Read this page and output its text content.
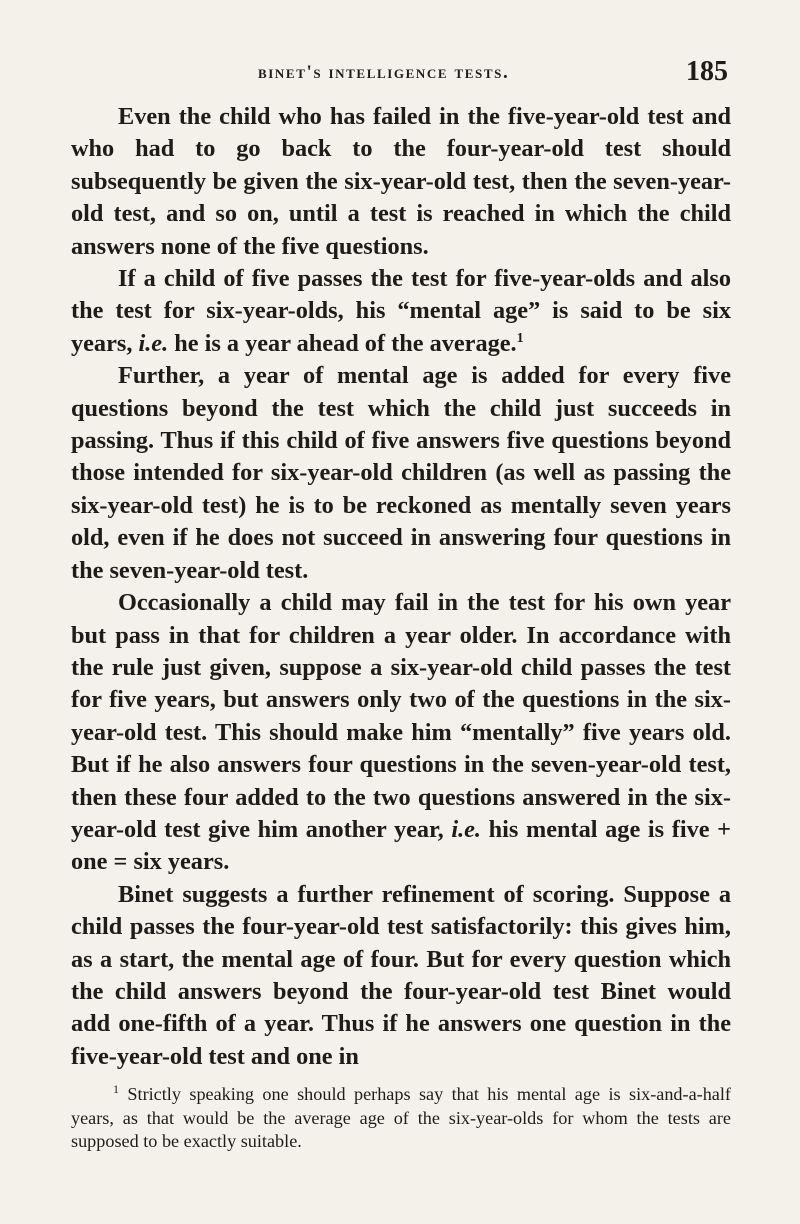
binet's intelligence tests.	185

Even the child who has failed in the five-year-old test and who had to go back to the four-year-old test should subsequently be given the six-year-old test, then the seven-year-old test, and so on, until a test is reached in which the child answers none of the five questions.

If a child of five passes the test for five-year-olds and also the test for six-year-olds, his “mental age” is said to be six years, i.e. he is a year ahead of the average.$^1$

Further, a year of mental age is added for every five questions beyond the test which the child just succeeds in passing. Thus if this child of five answers five questions beyond those intended for six-year-old children (as well as passing the six-year-old test) he is to be reckoned as mentally seven years old, even if he does not succeed in answering four questions in the seven-year-old test.

Occasionally a child may fail in the test for his own year but pass in that for children a year older. In accordance with the rule just given, suppose a six-year-old child passes the test for five years, but answers only two of the questions in the six-year-old test. This should make him “mentally” five years old. But if he also answers four questions in the seven-year-old test, then these four added to the two questions answered in the six-year-old test give him another year, i.e. his mental age is five + one = six years.

Binet suggests a further refinement of scoring. Suppose a child passes the four-year-old test satisfactorily: this gives him, as a start, the mental age of four. But for every question which the child answers beyond the four-year-old test Binet would add one-fifth of a year. Thus if he answers one question in the five-year-old test and one in

$^1$ Strictly speaking one should perhaps say that his mental age is six-and-a-half years, as that would be the average age of the six-year-olds for whom the tests are supposed to be exactly suitable.
